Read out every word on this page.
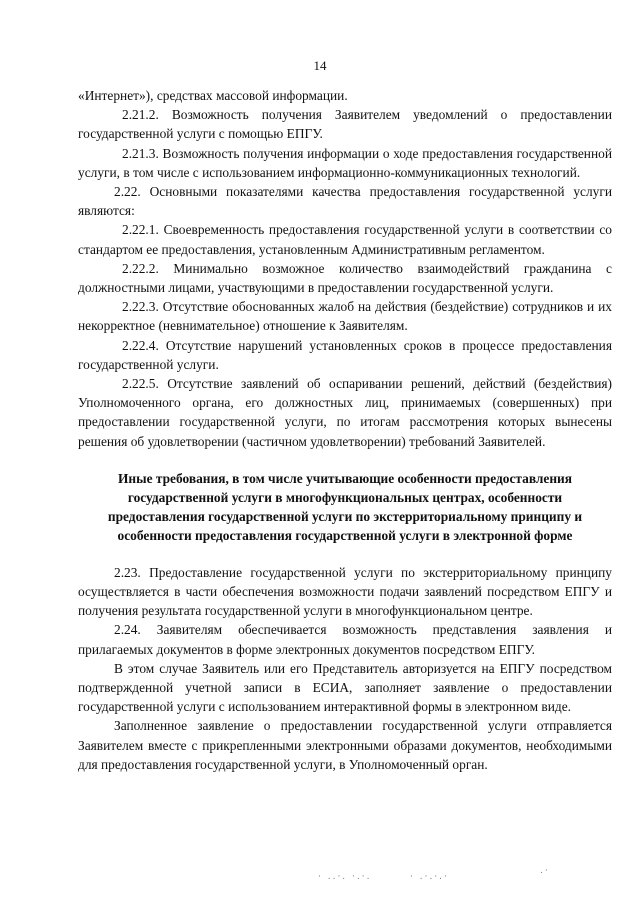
14

«Интернет»), средствах массовой информации.

2.21.2. Возможность получения Заявителем уведомлений о предоставлении государственной услуги с помощью ЕПГУ.

2.21.3. Возможность получения информации о ходе предоставления государственной услуги, в том числе с использованием информационно-коммуникационных технологий.

2.22. Основными показателями качества предоставления государственной услуги являются:

2.22.1. Своевременность предоставления государственной услуги в соответствии со стандартом ее предоставления, установленным Административным регламентом.

2.22.2. Минимально возможное количество взаимодействий гражданина с должностными лицами, участвующими в предоставлении государственной услуги.

2.22.3. Отсутствие обоснованных жалоб на действия (бездействие) сотрудников и их некорректное (невнимательное) отношение к Заявителям.

2.22.4. Отсутствие нарушений установленных сроков в процессе предоставления государственной услуги.

2.22.5. Отсутствие заявлений об оспаривании решений, действий (бездействия) Уполномоченного органа, его должностных лиц, принимаемых (совершенных) при предоставлении государственной услуги, по итогам рассмотрения которых вынесены решения об удовлетворении (частичном удовлетворении) требований Заявителей.

Иные требования, в том числе учитывающие особенности предоставления государственной услуги в многофункциональных центрах, особенности предоставления государственной услуги по экстерриториальному принципу и особенности предоставления государственной услуги в электронной форме

2.23. Предоставление государственной услуги по экстерриториальному принципу осуществляется в части обеспечения возможности подачи заявлений посредством ЕПГУ и получения результата государственной услуги в многофункциональном центре.

2.24. Заявителям обеспечивается возможность представления заявления и прилагаемых документов в форме электронных документов посредством ЕПГУ.

В этом случае Заявитель или его Представитель авторизуется на ЕПГУ посредством подтвержденной учетной записи в ЕСИА, заполняет заявление о предоставлении государственной услуги с использованием интерактивной формы в электронном виде.

Заполненное заявление о предоставлении государственной услуги отправляется Заявителем вместе с прикрепленными электронными образами документов, необходимыми для предоставления государственной услуги, в Уполномоченный орган.

· ..·. ·.·.	· .·.·.·
.·
